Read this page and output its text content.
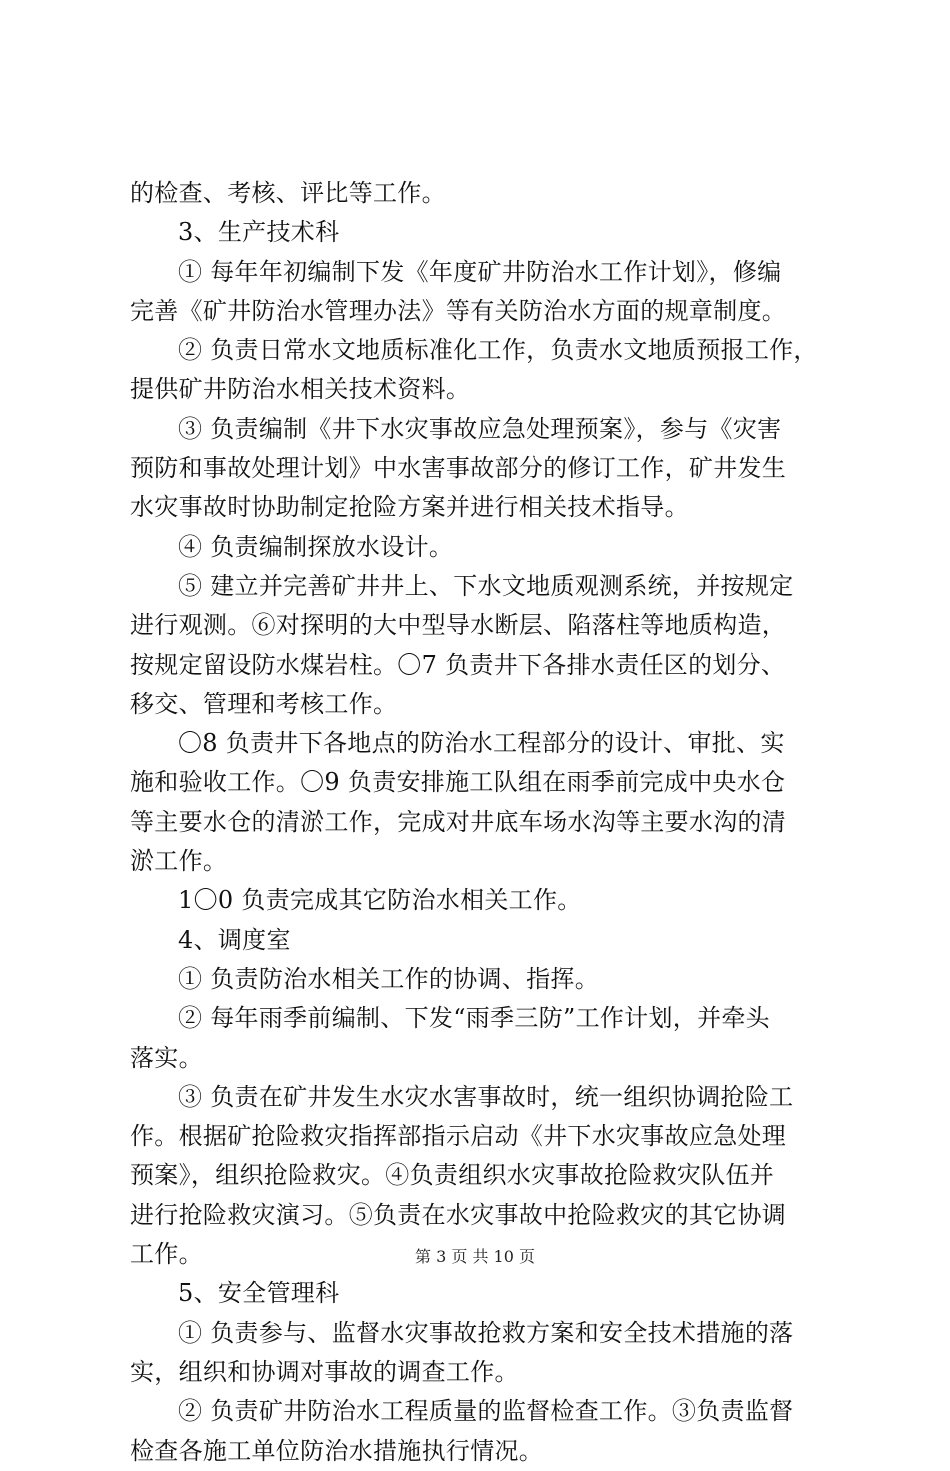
的检查、考核、评比等工作。
3、生产技术科
① 每年年初编制下发《年度矿井防治水工作计划》，修编
完善《矿井防治水管理办法》等有关防治水方面的规章制度。
② 负责日常水文地质标准化工作，负责水文地质预报工作，
提供矿井防治水相关技术资料。
③ 负责编制《井下水灾事故应急处理预案》，参与《灾害
预防和事故处理计划》中水害事故部分的修订工作，矿井发生
水灾事故时协助制定抢险方案并进行相关技术指导。
④ 负责编制探放水设计。
⑤ 建立并完善矿井井上、下水文地质观测系统，并按规定
进行观测。⑥对探明的大中型导水断层、陷落柱等地质构造，
按规定留设防水煤岩柱。〇7 负责井下各排水责任区的划分、
移交、管理和考核工作。
〇8 负责井下各地点的防治水工程部分的设计、审批、实
施和验收工作。〇9 负责安排施工队组在雨季前完成中央水仓
等主要水仓的清淤工作，完成对井底车场水沟等主要水沟的清
淤工作。
1〇0 负责完成其它防治水相关工作。
4、调度室
① 负责防治水相关工作的协调、指挥。
② 每年雨季前编制、下发“雨季三防”工作计划，并牵头
落实。
③ 负责在矿井发生水灾水害事故时，统一组织协调抢险工
作。根据矿抢险救灾指挥部指示启动《井下水灾事故应急处理
预案》，组织抢险救灾。④负责组织水灾事故抢险救灾队伍并
进行抢险救灾演习。⑤负责在水灾事故中抢险救灾的其它协调
工作。
5、安全管理科
① 负责参与、监督水灾事故抢救方案和安全技术措施的落
实，组织和协调对事故的调查工作。
② 负责矿井防治水工程质量的监督检查工作。③负责监督
检查各施工单位防治水措施执行情况。
第 3 页 共 10 页
